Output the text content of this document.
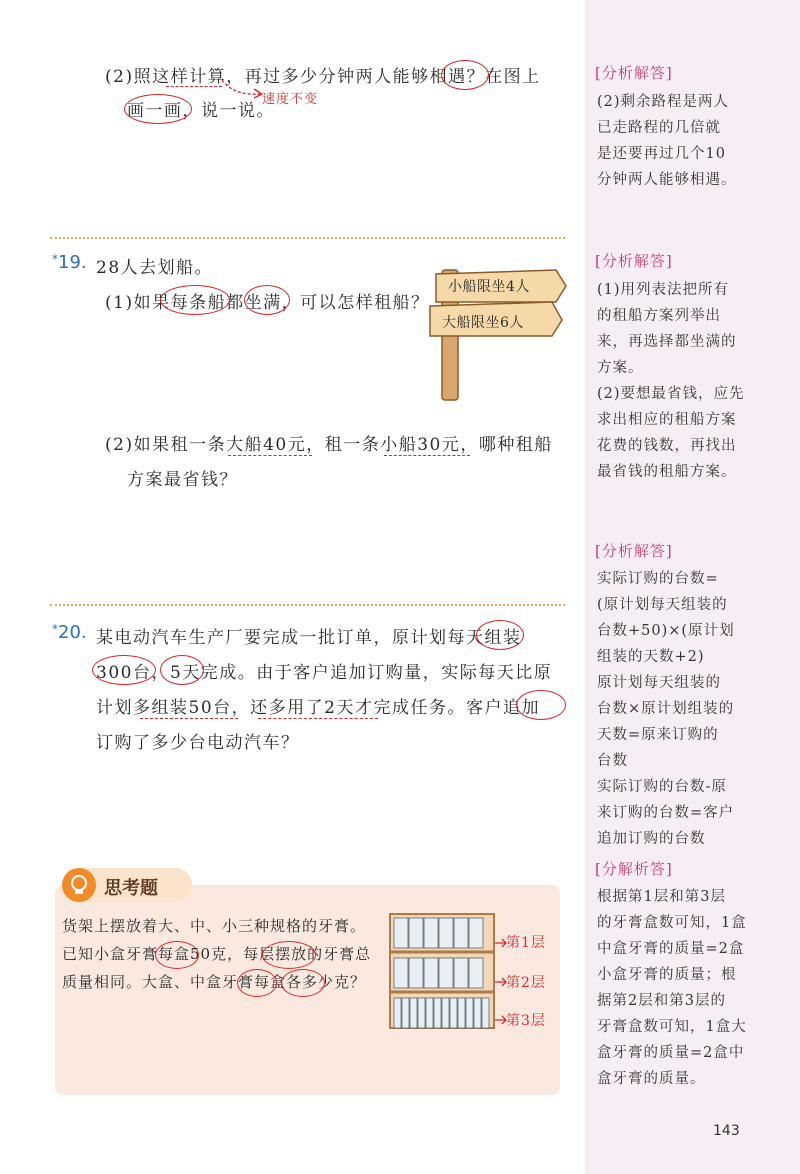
(2)照这样计算，再过多少分钟两人能够相遇？在图上
画一画，说一说。
速度不变
[分析解答]
(2)剩余路程是两人
已走路程的几倍就
是还要再过几个10
分钟两人能够相遇。
*19. 28人去划船。
(1)如果每条船都坐满，可以怎样租船？
小船限坐4人
大船限坐6人
(2)如果租一条大船40元，租一条小船30元，哪种租船
方案最省钱？
[分析解答]
(1)用列表法把所有
的租船方案列举出
来，再选择都坐满的
方案。
(2)要想最省钱，应先
求出相应的租船方案
花费的钱数，再找出
最省钱的租船方案。
*20. 某电动汽车生产厂要完成一批订单，原计划每天组装
300台，5天完成。由于客户追加订购量，实际每天比原
计划多组装50台，还多用了2天才完成任务。客户追加
订购了多少台电动汽车？
[分析解答]
实际订购的台数=
(原计划每天组装的
台数+50)×(原计划
组装的天数+2)
原计划每天组装的
台数×原计划组装的
天数=原来订购的
台数
实际订购的台数-原
来订购的台数=客户
追加订购的台数
[分解析答]
根据第1层和第3层
的牙膏盒数可知，1盒
中盒牙膏的质量=2盒
小盒牙膏的质量；根
据第2层和第3层的
牙膏盒数可知，1盒大
盒牙膏的质量=2盒中
盒牙膏的质量。
思考题
货架上摆放着大、中、小三种规格的牙膏。已知小盒牙膏每盒50克，每层摆放的牙膏总质量相同。大盒、中盒牙膏每盒各多少克？
第1层
第2层
第3层
143
